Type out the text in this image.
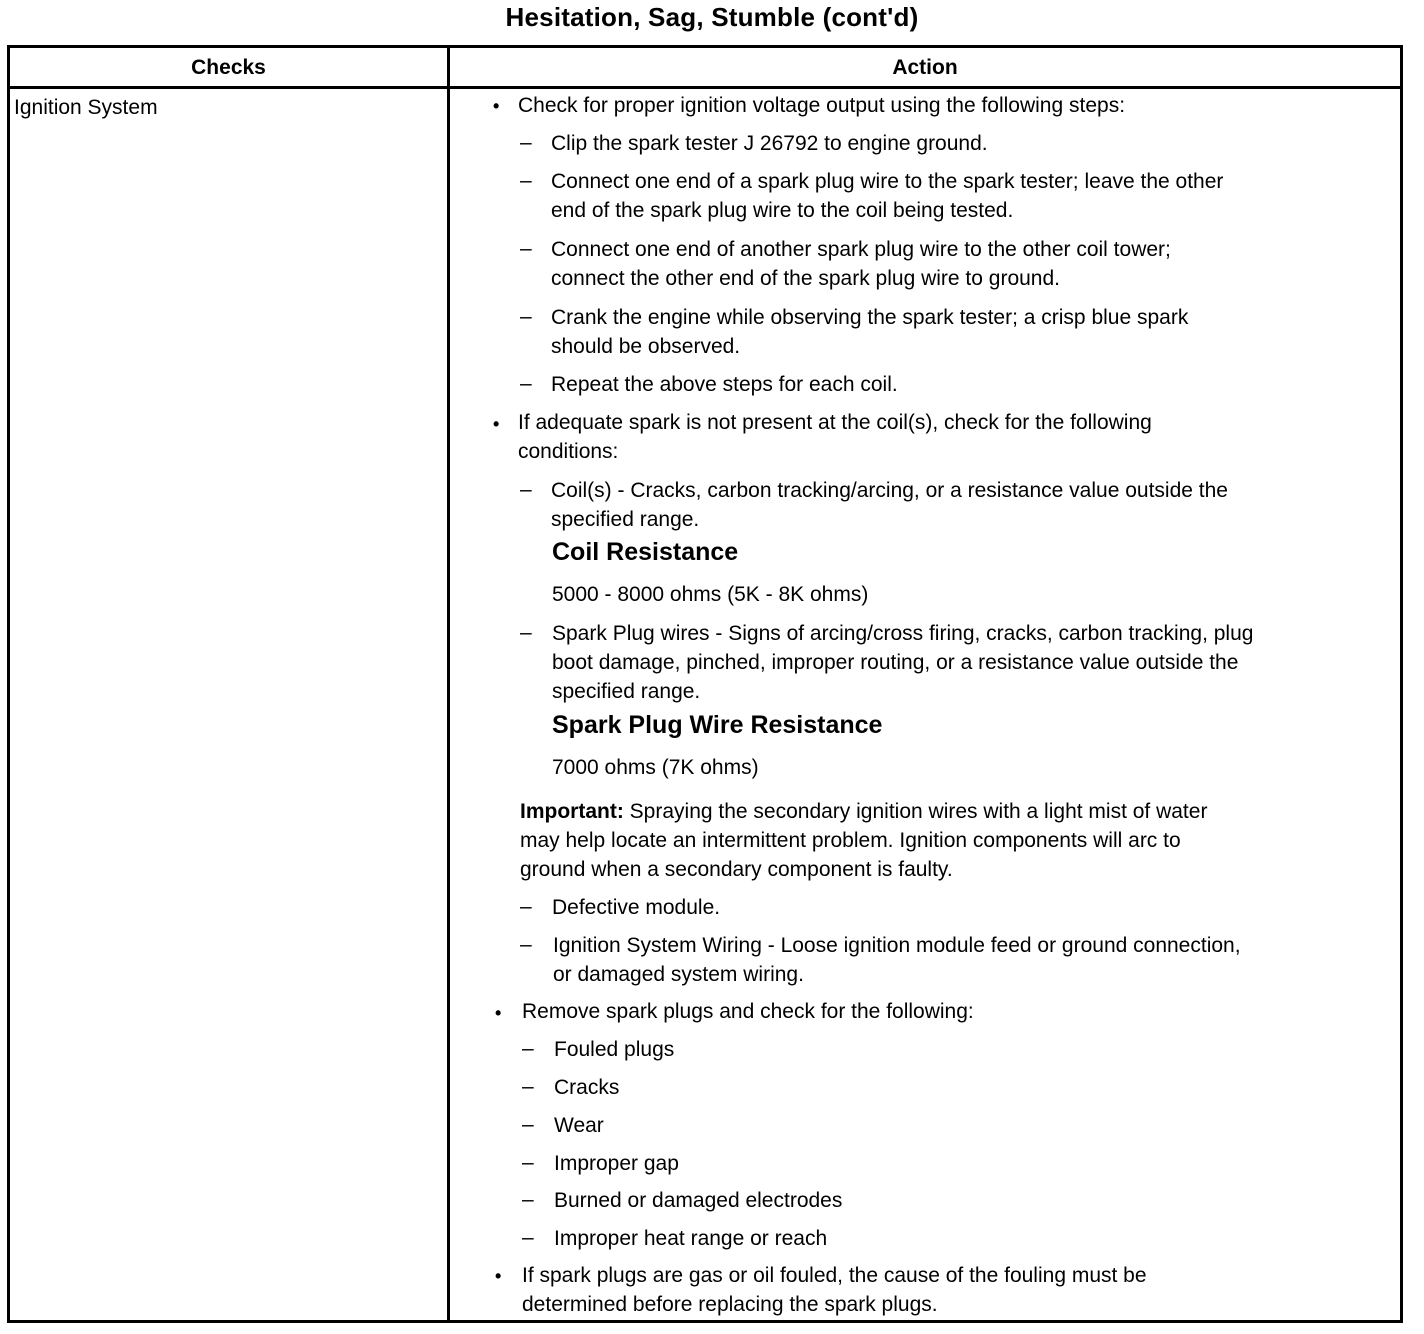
Hesitation, Sag, Stumble (cont'd)
Checks	Action
Ignition System	• Check for proper ignition voltage output using the following steps:
– Clip the spark tester J 26792 to engine ground.
– Connect one end of a spark plug wire to the spark tester; leave the other
end of the spark plug wire to the coil being tested.
– Connect one end of another spark plug wire to the other coil tower;
connect the other end of the spark plug wire to ground.
– Crank the engine while observing the spark tester; a crisp blue spark
should be observed.
– Repeat the above steps for each coil.
• If adequate spark is not present at the coil(s), check for the following
conditions:
– Coil(s) - Cracks, carbon tracking/arcing, or a resistance value outside the
specified range.
Coil Resistance
5000 - 8000 ohms (5K - 8K ohms)
– Spark Plug wires - Signs of arcing/cross firing, cracks, carbon tracking, plug
boot damage, pinched, improper routing, or a resistance value outside the
specified range.
Spark Plug Wire Resistance
7000 ohms (7K ohms)
Important: Spraying the secondary ignition wires with a light mist of water
may help locate an intermittent problem. Ignition components will arc to
ground when a secondary component is faulty.
– Defective module.
– Ignition System Wiring - Loose ignition module feed or ground connection,
or damaged system wiring.
• Remove spark plugs and check for the following:
– Fouled plugs
– Cracks
– Wear
– Improper gap
– Burned or damaged electrodes
– Improper heat range or reach
• If spark plugs are gas or oil fouled, the cause of the fouling must be
determined before replacing the spark plugs.
